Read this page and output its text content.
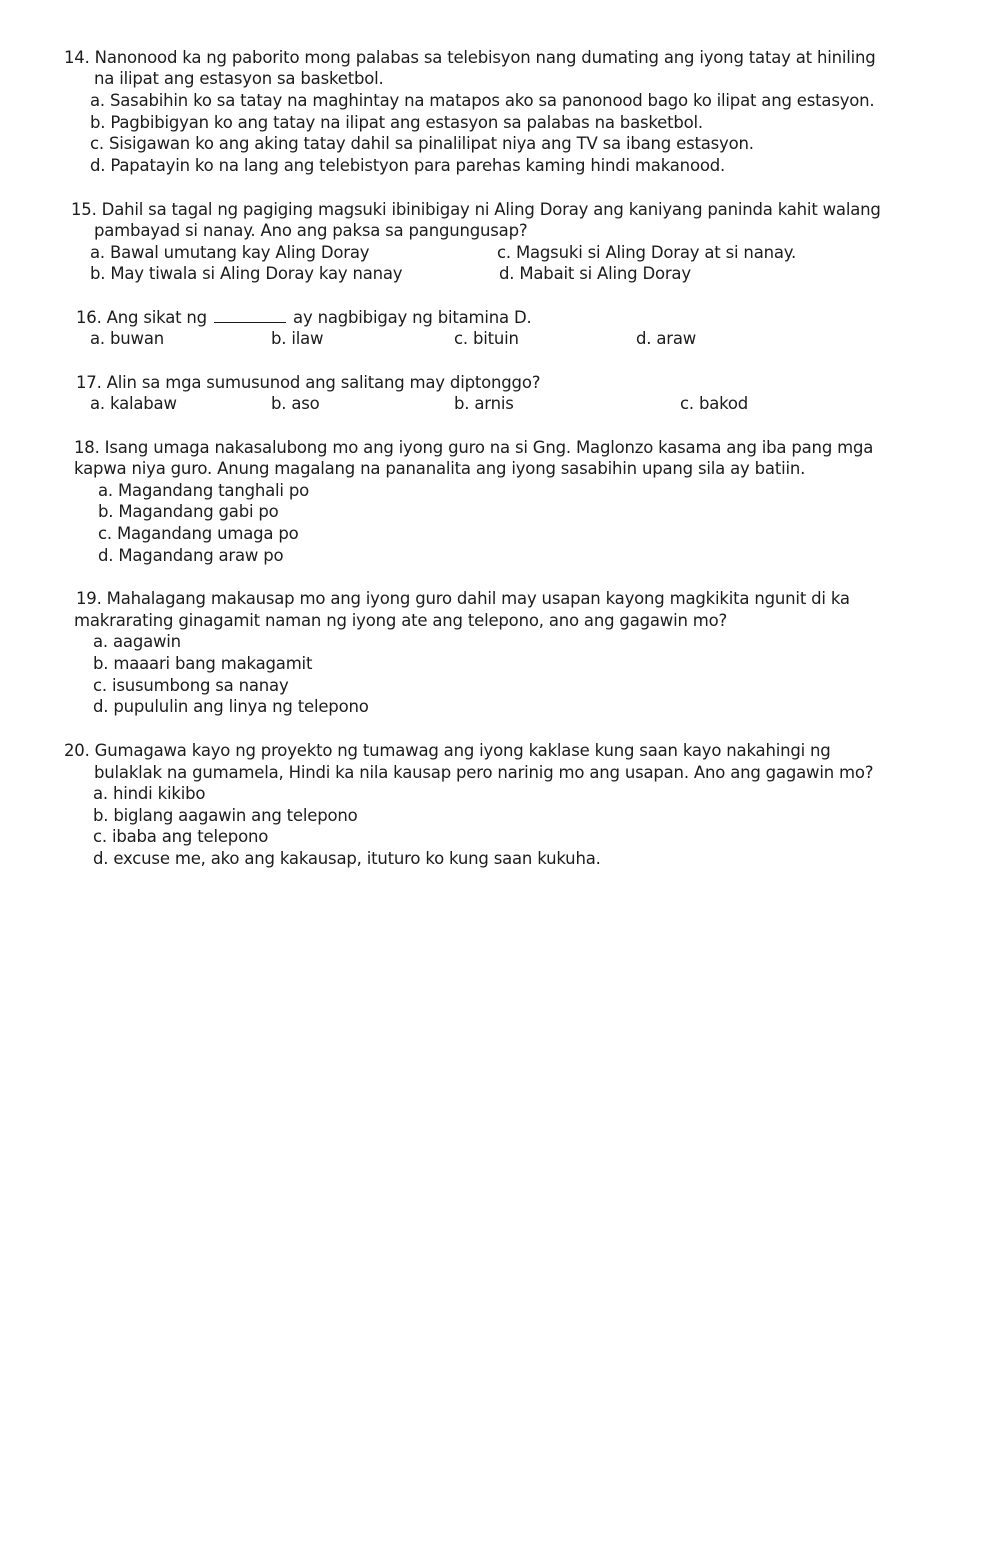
14. Nanonood ka ng paborito mong palabas sa telebisyon nang dumating ang iyong tatay at hiniling
na ilipat ang estasyon sa basketbol.
a. Sasabihin ko sa tatay na maghintay na matapos ako sa panonood bago ko ilipat ang estasyon.
b. Pagbibigyan ko ang tatay na ilipat ang estasyon sa palabas na basketbol.
c. Sisigawan ko ang aking tatay dahil sa pinalilipat niya ang TV sa ibang estasyon.
d. Papatayin ko na lang ang telebistyon para parehas kaming hindi makanood.
15. Dahil sa tagal ng pagiging magsuki ibinibigay ni Aling Doray ang kaniyang paninda kahit walang
pambayad si nanay. Ano ang paksa sa pangungusap?
a. Bawal umutang kay Aling Doray	c. Magsuki si Aling Doray at si nanay.
b. May tiwala si Aling Doray kay nanay	d. Mabait si Aling Doray
16. Ang sikat ng	ay nagbibigay ng bitamina D.
a. buwan	b. ilaw	c. bituin	d. araw
17. Alin sa mga sumusunod ang salitang may diptonggo?
a. kalabaw	b. aso	b. arnis	c. bakod
18. Isang umaga nakasalubong mo ang iyong guro na si Gng. Maglonzo kasama ang iba pang mga
kapwa niya guro. Anung magalang na pananalita ang iyong sasabihin upang sila ay batiin.
a. Magandang tanghali po
b. Magandang gabi po
c. Magandang umaga po
d. Magandang araw po
19. Mahalagang makausap mo ang iyong guro dahil may usapan kayong magkikita ngunit di ka
makrarating ginagamit naman ng iyong ate ang telepono, ano ang gagawin mo?
a. aagawin
b. maaari bang makagamit
c. isusumbong sa nanay
d. pupululin ang linya ng telepono
20. Gumagawa kayo ng proyekto ng tumawag ang iyong kaklase kung saan kayo nakahingi ng
bulaklak na gumamela, Hindi ka nila kausap pero narinig mo ang usapan. Ano ang gagawin mo?
a. hindi kikibo
b. biglang aagawin ang telepono
c. ibaba ang telepono
d. excuse me, ako ang kakausap, ituturo ko kung saan kukuha.
